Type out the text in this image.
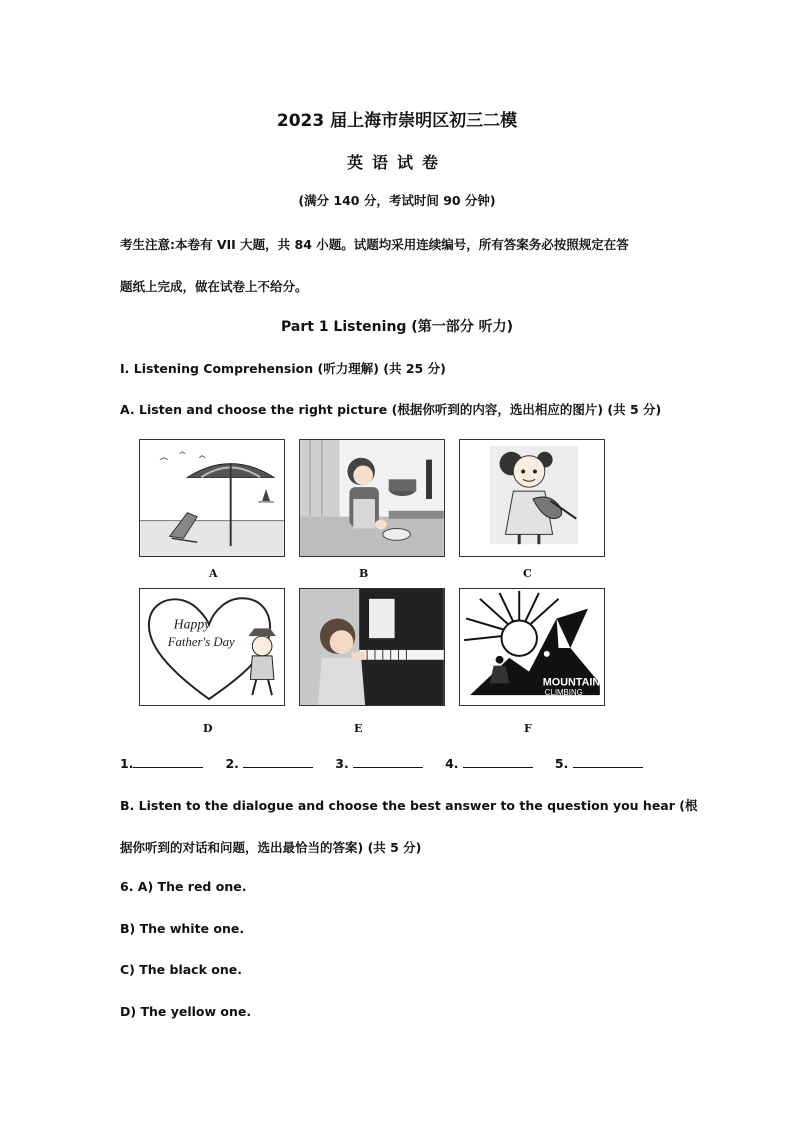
2023 届上海市崇明区初三二模
英语试卷
(满分 140 分，考试时间 90 分钟)
考生注意:本卷有 VII 大题，共 84 小题。试题均采用连续编号，所有答案务必按照规定在答
题纸上完成，做在试卷上不给分。
Part 1 Listening (第一部分 听力)
I. Listening Comprehension (听力理解) (共 25 分)
A. Listen and choose the right picture (根据你听到的内容，选出相应的图片) (共 5 分)
A	B	C
Happy
Father's Day
D	E
MOUNTAIN
CLIMBING
F
1.	2.	3.	4.	5.
B. Listen to the dialogue and choose the best answer to the question you hear (根
据你听到的对话和问题，选出最恰当的答案) (共 5 分)
6. A) The red one.
B) The white one.
C) The black one.
D) The yellow one.
